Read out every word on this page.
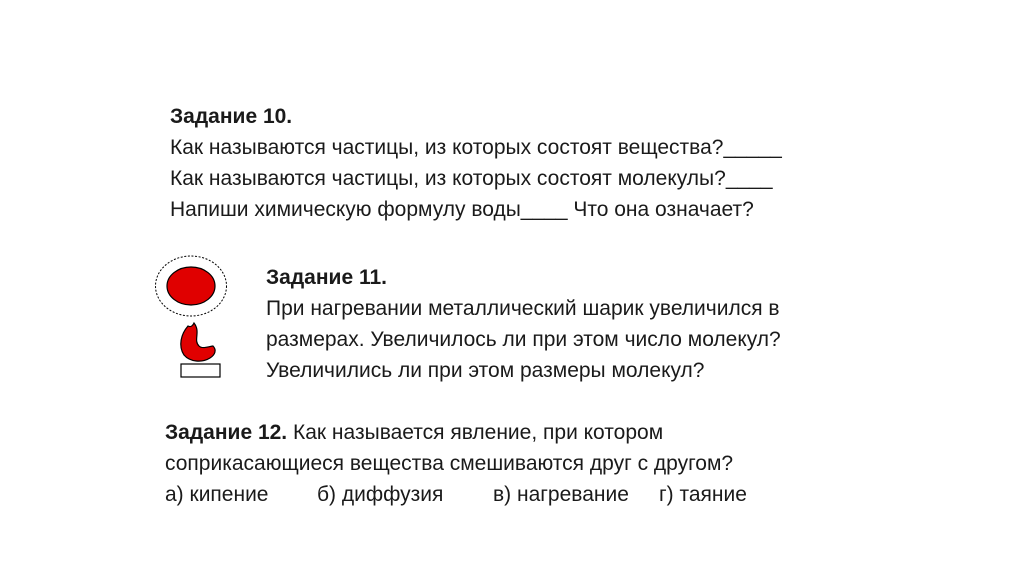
Задание 10.
Как называются частицы, из которых состоят вещества?_____
Как называются частицы, из которых состоят молекулы?____
Напиши химическую формулу воды____ Что она означает?
Задание 11.
При нагревании металлический шарик увеличился в
размерах. Увеличилось ли при этом число молекул?
Увеличились ли при этом размеры молекул?
Задание 12. Как называется явление, при котором
соприкасающиеся вещества смешиваются друг с другом?
а) кипение б) диффузия в) нагревание г) таяние
